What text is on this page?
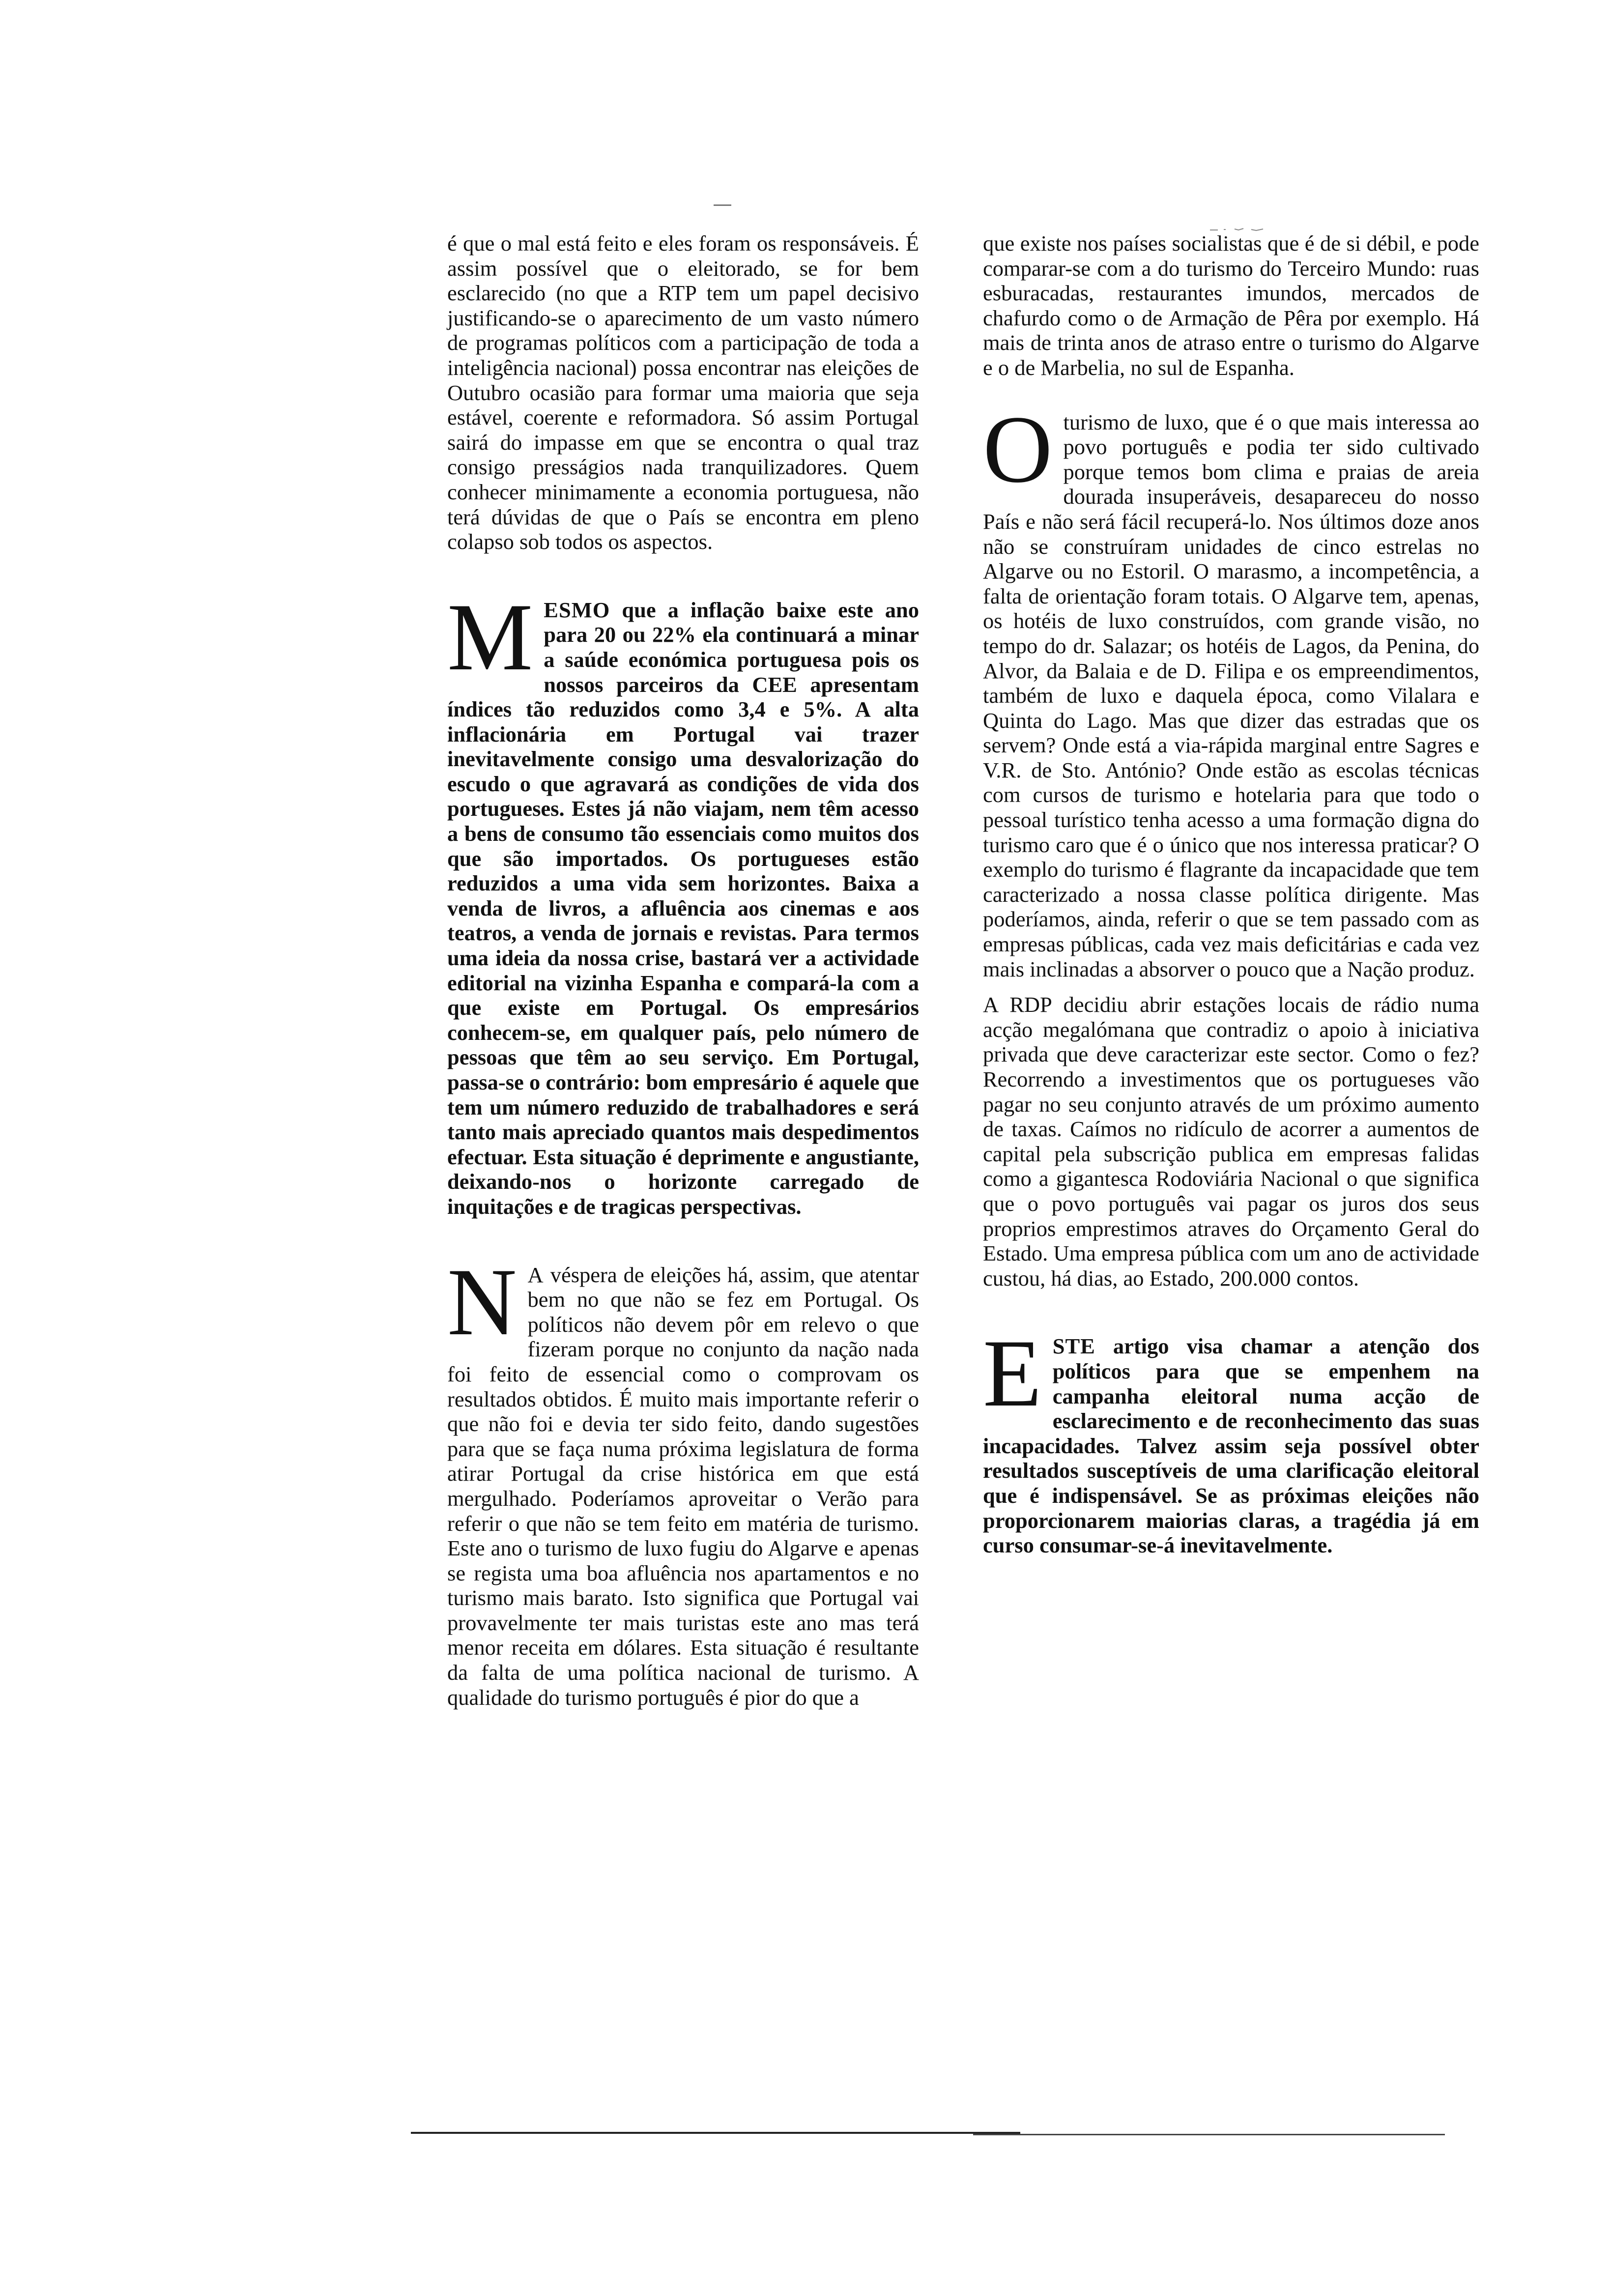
é que o mal está feito e eles foram os responsáveis. É assim possível que o eleitorado, se for bem esclarecido (no que a RTP tem um papel decisivo justificando-se o aparecimento de um vasto número de programas políticos com a participação de toda a inteligência nacional) possa encontrar nas eleições de Outubro ocasião para formar uma maioria que seja estável, coerente e reformadora. Só assim Portugal sairá do impasse em que se encontra o qual traz consigo presságios nada tranquilizadores. Quem conhecer minimamente a economia portuguesa, não terá dúvidas de que o País se encontra em pleno colapso sob todos os aspectos.

MESMO que a inflação baixe este ano para 20 ou 22% ela continuará a minar a saúde económica portuguesa pois os nossos parceiros da CEE apresentam índices tão reduzidos como 3,4 e 5%. A alta inflacionária em Portugal vai trazer inevitavelmente consigo uma desvalorização do escudo o que agravará as condições de vida dos portugueses. Estes já não viajam, nem têm acesso a bens de consumo tão essenciais como muitos dos que são importados. Os portugueses estão reduzidos a uma vida sem horizontes. Baixa a venda de livros, a afluência aos cinemas e aos teatros, a venda de jornais e revistas. Para termos uma ideia da nossa crise, bastará ver a actividade editorial na vizinha Espanha e compará-la com a que existe em Portugal. Os empresários conhecem-se, em qualquer país, pelo número de pessoas que têm ao seu serviço. Em Portugal, passa-se o contrário: bom empresário é aquele que tem um número reduzido de trabalhadores e será tanto mais apreciado quantos mais despedimentos efectuar. Esta situação é deprimente e angustiante, deixando-nos o horizonte carregado de inquitações e de tragicas perspectivas.

N A véspera de eleições há, assim, que atentar bem no que não se fez em Portugal. Os políticos não devem pôr em relevo o que fizeram porque no conjunto da nação nada foi feito de essencial como o comprovam os resultados obtidos. É muito mais importante referir o que não foi e devia ter sido feito, dando sugestões para que se faça numa próxima legislatura de forma atirar Portugal da crise histórica em que está mergulhado. Poderíamos aproveitar o Verão para referir o que não se tem feito em matéria de turismo. Este ano o turismo de luxo fugiu do Algarve e apenas se regista uma boa afluência nos apartamentos e no turismo mais barato. Isto significa que Portugal vai provavelmente ter mais turistas este ano mas terá menor receita em dólares. Esta situação é resultante da falta de uma política nacional de turismo. A qualidade do turismo português é pior do que a

que existe nos países socialistas que é de si débil, e pode comparar-se com a do turismo do Terceiro Mundo: ruas esburacadas, restaurantes imundos, mercados de chafurdo como o de Armação de Pêra por exemplo. Há mais de trinta anos de atraso entre o turismo do Algarve e o de Marbelia, no sul de Espanha.

O turismo de luxo, que é o que mais interessa ao povo português e podia ter sido cultivado porque temos bom clima e praias de areia dourada insuperáveis, desapareceu do nosso País e não será fácil recuperá-lo. Nos últimos doze anos não se construíram unidades de cinco estrelas no Algarve ou no Estoril. O marasmo, a incompetência, a falta de orientação foram totais. O Algarve tem, apenas, os hotéis de luxo construídos, com grande visão, no tempo do dr. Salazar; os hotéis de Lagos, da Penina, do Alvor, da Balaia e de D. Filipa e os empreendimentos, também de luxo e daquela época, como Vilalara e Quinta do Lago. Mas que dizer das estradas que os servem? Onde está a via-rápida marginal entre Sagres e V.R. de Sto. António? Onde estão as escolas técnicas com cursos de turismo e hotelaria para que todo o pessoal turístico tenha acesso a uma formação digna do turismo caro que é o único que nos interessa praticar? O exemplo do turismo é flagrante da incapacidade que tem caracterizado a nossa classe política dirigente. Mas poderíamos, ainda, referir o que se tem passado com as empresas públicas, cada vez mais deficitárias e cada vez mais inclinadas a absorver o pouco que a Nação produz.

A RDP decidiu abrir estações locais de rádio numa acção megalómana que contradiz o apoio à iniciativa privada que deve caracterizar este sector. Como o fez? Recorrendo a investimentos que os portugueses vão pagar no seu conjunto através de um próximo aumento de taxas. Caímos no ridículo de acorrer a aumentos de capital pela subscrição publica em empresas falidas como a gigantesca Rodoviária Nacional o que significa que o povo português vai pagar os juros dos seus proprios emprestimos atraves do Orçamento Geral do Estado. Uma empresa pública com um ano de actividade custou, há dias, ao Estado, 200.000 contos.

ESTE artigo visa chamar a atenção dos políticos para que se empenhem na campanha eleitoral numa acção de esclarecimento e de reconhecimento das suas incapacidades. Talvez assim seja possível obter resultados susceptíveis de uma clarificação eleitoral que é indispensável. Se as próximas eleições não proporcionarem maiorias claras, a tragédia já em curso consumar-se-á inevitavelmente.
